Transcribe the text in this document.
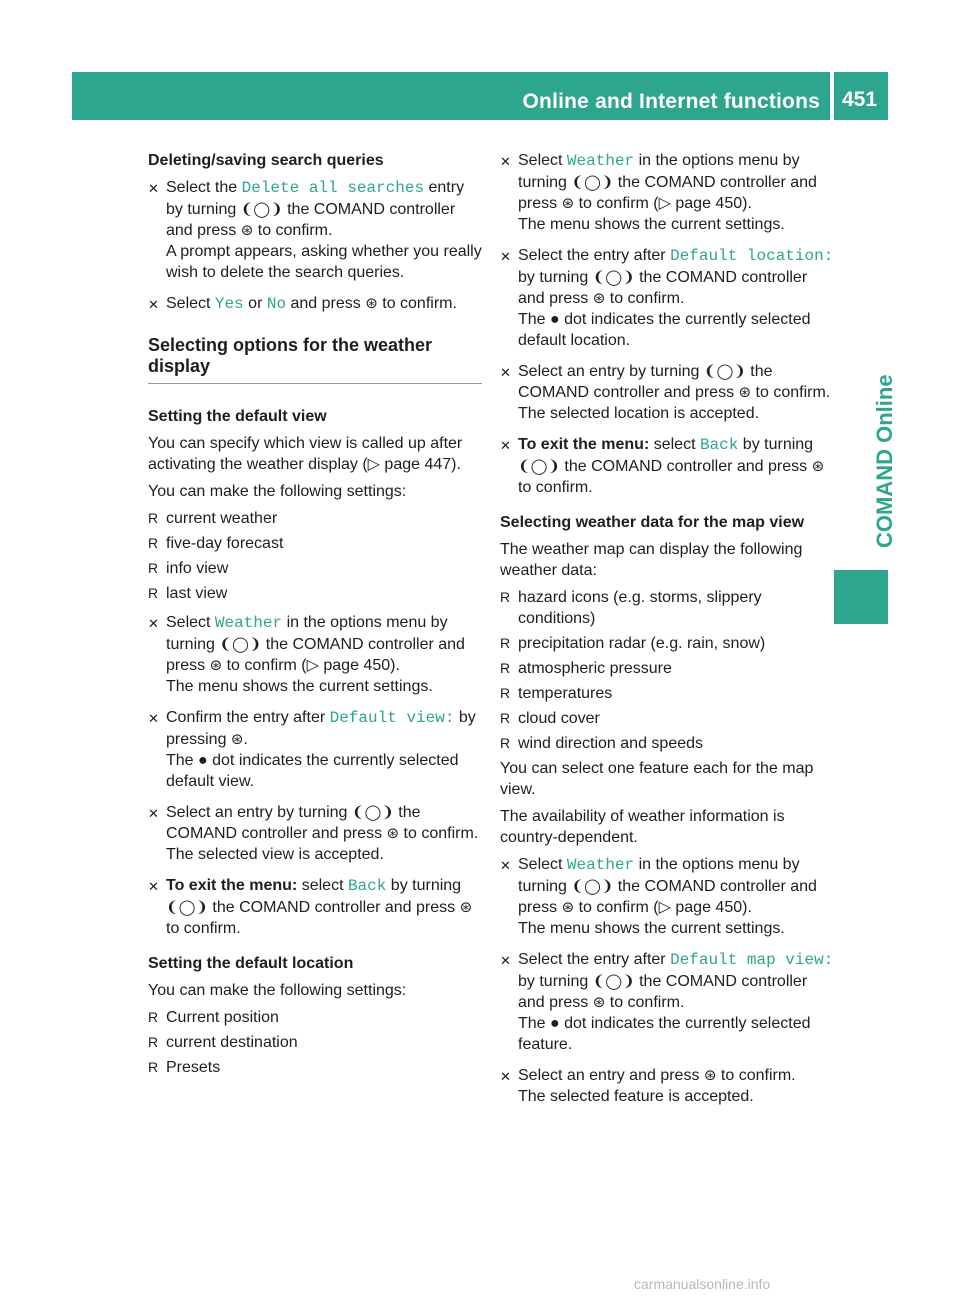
Online and Internet functions	451
COMAND Online
Deleting/saving search queries
✕ Select the Delete all searches entry by turning ❨◯❩ the COMAND controller and press ⊛ to confirm.
A prompt appears, asking whether you really wish to delete the search queries.
✕ Select Yes or No and press ⊛ to confirm.
Selecting options for the weather display
Setting the default view
You can specify which view is called up after activating the weather display (▷ page 447).
You can make the following settings:
R current weather
R five-day forecast
R info view
R last view
✕ Select Weather in the options menu by turning ❨◯❩ the COMAND controller and press ⊛ to confirm (▷ page 450).
The menu shows the current settings.
✕ Confirm the entry after Default view: by pressing ⊛.
The ● dot indicates the currently selected default view.
✕ Select an entry by turning ❨◯❩ the COMAND controller and press ⊛ to confirm.
The selected view is accepted.
✕ To exit the menu: select Back by turning ❨◯❩ the COMAND controller and press ⊛ to confirm.
Setting the default location
You can make the following settings:
R Current position
R current destination
R Presets
✕ Select Weather in the options menu by turning ❨◯❩ the COMAND controller and press ⊛ to confirm (▷ page 450).
The menu shows the current settings.
✕ Select the entry after Default location: by turning ❨◯❩ the COMAND controller and press ⊛ to confirm.
The ● dot indicates the currently selected default location.
✕ Select an entry by turning ❨◯❩ the COMAND controller and press ⊛ to confirm.
The selected location is accepted.
✕ To exit the menu: select Back by turning ❨◯❩ the COMAND controller and press ⊛ to confirm.
Selecting weather data for the map view
The weather map can display the following weather data:
R hazard icons (e.g. storms, slippery conditions)
R precipitation radar (e.g. rain, snow)
R atmospheric pressure
R temperatures
R cloud cover
R wind direction and speeds
You can select one feature each for the map view.
The availability of weather information is country-dependent.
✕ Select Weather in the options menu by turning ❨◯❩ the COMAND controller and press ⊛ to confirm (▷ page 450).
The menu shows the current settings.
✕ Select the entry after Default map view: by turning ❨◯❩ the COMAND controller and press ⊛ to confirm.
The ● dot indicates the currently selected feature.
✕ Select an entry and press ⊛ to confirm.
The selected feature is accepted.
carmanualsonline.info
